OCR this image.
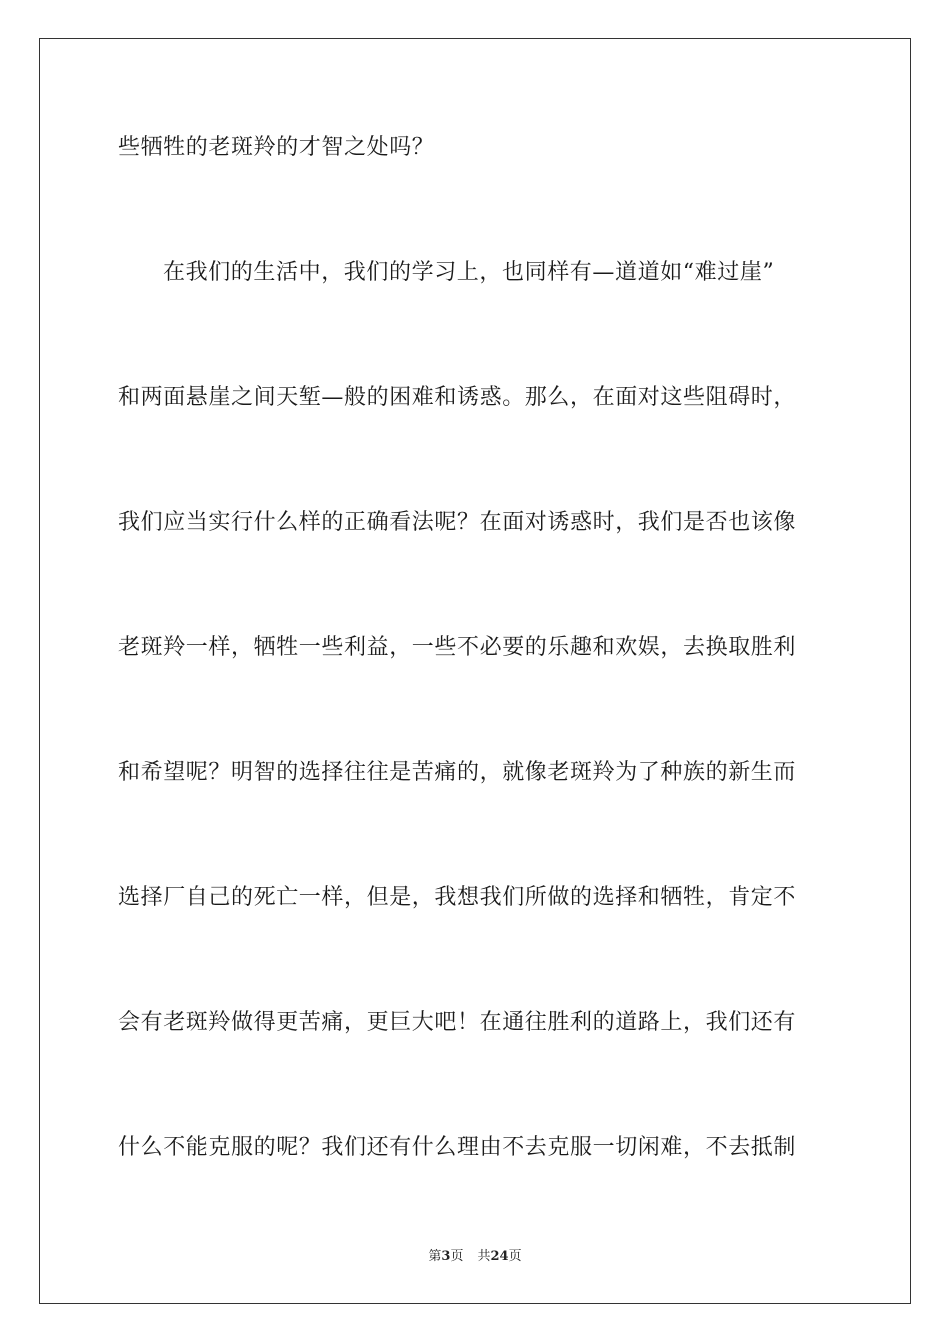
些牺牲的老斑羚的才智之处吗？
在我们的生活中，我们的学习上，也同样有—道道如“难过崖”
和两面悬崖之间天堑—般的困难和诱惑。那么，在面对这些阻碍时，
我们应当实行什么样的正确看法呢？在面对诱惑时，我们是否也该像
老斑羚一样，牺牲一些利益，一些不必要的乐趣和欢娱，去换取胜利
和希望呢？明智的选择往往是苦痛的，就像老斑羚为了种族的新生而
选择厂自己的死亡一样，但是，我想我们所做的选择和牺牲，肯定不
会有老斑羚做得更苦痛，更巨大吧！在通往胜利的道路上，我们还有
什么不能克服的呢？我们还有什么理由不去克服一切闲难，不去抵制
第3页 共24页
